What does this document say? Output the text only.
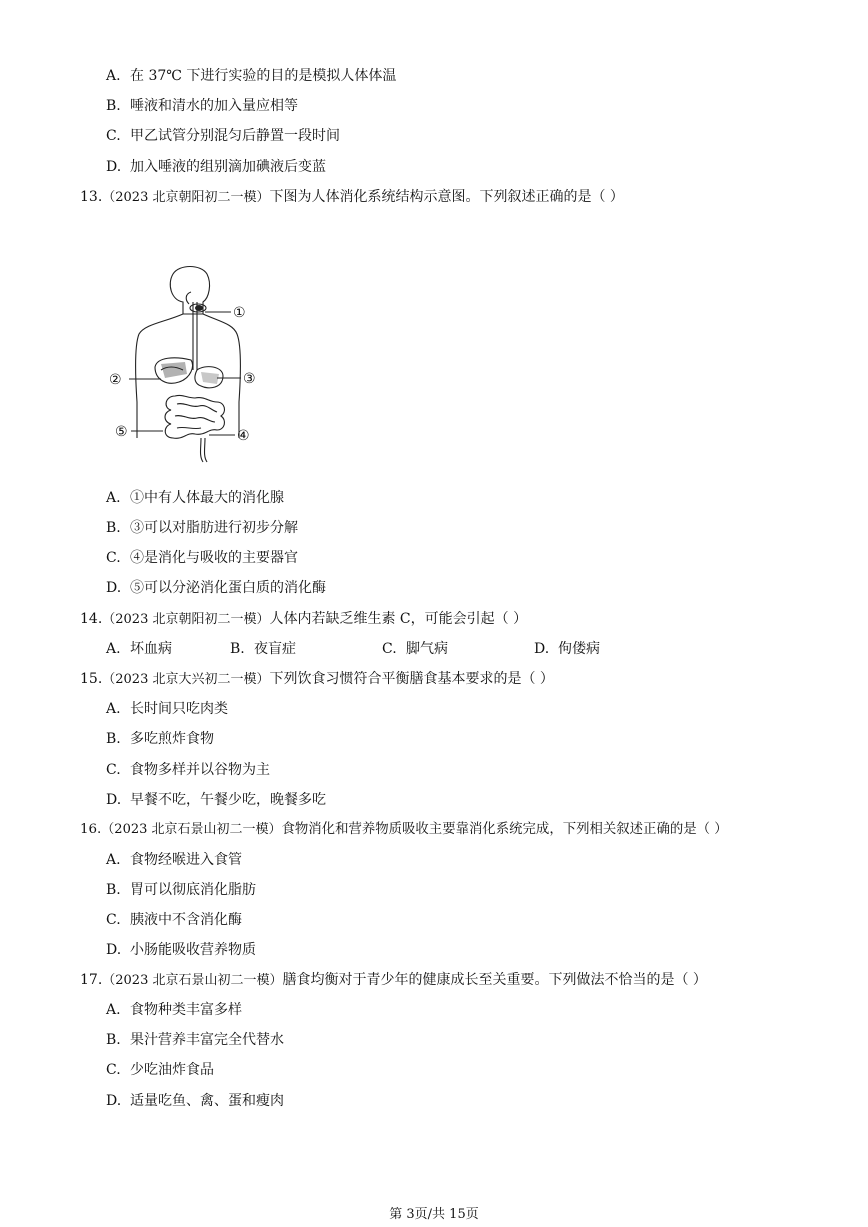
A. 在 37℃ 下进行实验的目的是模拟人体体温
B. 唾液和清水的加入量应相等
C. 甲乙试管分别混匀后静置一段时间
D. 加入唾液的组别滴加碘液后变蓝
13.（2023 北京朝阳初二一模）下图为人体消化系统结构示意图。下列叙述正确的是（ ）
①
②	③
④
⑤
A. ①中有人体最大的消化腺
B. ③可以对脂肪进行初步分解
C. ④是消化与吸收的主要器官
D. ⑤可以分泌消化蛋白质的消化酶
14.（2023 北京朝阳初二一模）人体内若缺乏维生素 C，可能会引起（ ）
A. 坏血病	B. 夜盲症	C. 脚气病	D. 佝偻病
15.（2023 北京大兴初二一模）下列饮食习惯符合平衡膳食基本要求的是（ ）
A. 长时间只吃肉类
B. 多吃煎炸食物
C. 食物多样并以谷物为主
D. 早餐不吃，午餐少吃，晚餐多吃
16.（2023 北京石景山初二一模）食物消化和营养物质吸收主要靠消化系统完成，下列相关叙述正确的是（ ）
A. 食物经喉进入食管
B. 胃可以彻底消化脂肪
C. 胰液中不含消化酶
D. 小肠能吸收营养物质
17.（2023 北京石景山初二一模）膳食均衡对于青少年的健康成长至关重要。下列做法不恰当的是（ ）
A. 食物种类丰富多样
B. 果汁营养丰富完全代替水
C. 少吃油炸食品
D. 适量吃鱼、禽、蛋和瘦肉
第 3页/共 15页
